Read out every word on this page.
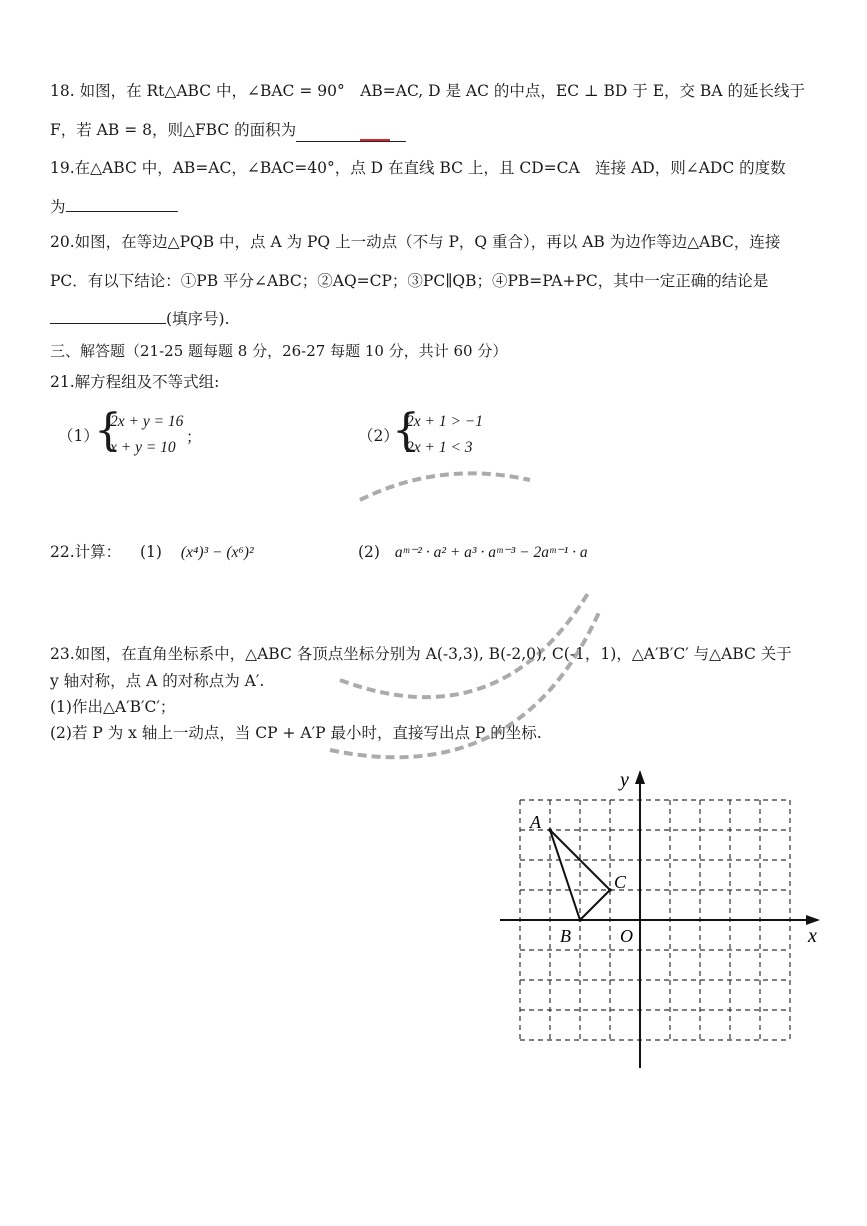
18. 如图，在 Rt△ABC 中，∠BAC = 90°　AB=AC, D 是 AC 的中点，EC ⊥ BD 于 E，交 BA 的延长线于
F，若 AB = 8，则△FBC 的面积为
19.在△ABC 中，AB=AC，∠BAC=40°，点 D 在直线 BC 上，且 CD=CA　连接 AD，则∠ADC 的度数
为
20.如图，在等边△PQB 中，点 A 为 PQ 上一动点（不与 P，Q 重合），再以 AB 为边作等边△ABC，连接
PC．有以下结论：①PB 平分∠ABC；②AQ=CP；③PC∥QB；④PB=PA+PC，其中一定正确的结论是
(填序号).
三、解答题（21-25 题每题 8 分，26-27 每题 10 分，共计 60 分）
21.解方程组及不等式组:
（1）
{
2x + y = 16
x + y = 10
；	（2）
{
2x + 1 > −1
2x + 1 < 3
22.计算： (1) (x⁴)³ − (x⁶)²	(2) aᵐ⁻² · a² + a³ · aᵐ⁻³ − 2aᵐ⁻¹ · a
23.如图，在直角坐标系中，△ABC 各顶点坐标分别为 A(-3,3), B(-2,0), C(-1，1)，△A′B′C′ 与△ABC 关于
y 轴对称，点 A 的对称点为 A′.
(1)作出△A′B′C′；
(2)若 P 为 x 轴上一动点，当 CP + A′P 最小时，直接写出点 P 的坐标.
y
x
O
A
B
C
